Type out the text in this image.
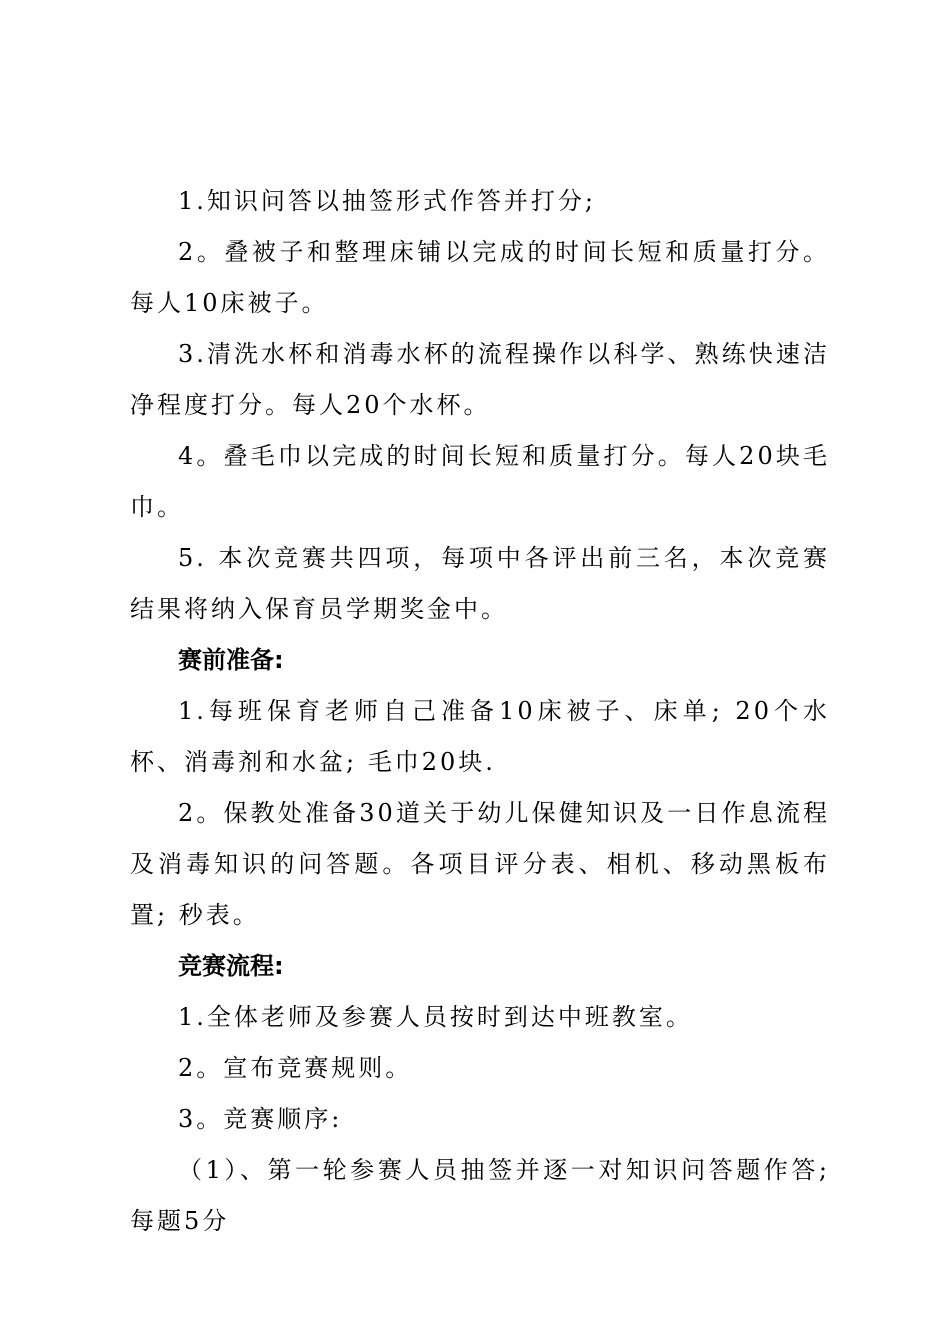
1.知识问答以抽签形式作答并打分;

2。叠被子和整理床铺以完成的时间长短和质量打分。每人10床被子。

3.清洗水杯和消毒水杯的流程操作以科学、熟练快速洁净程度打分。每人20个水杯。

4。叠毛巾以完成的时间长短和质量打分。每人20块毛巾。

5. 本次竞赛共四项，每项中各评出前三名，本次竞赛结果将纳入保育员学期奖金中。

赛前准备:

1.每班保育老师自己准备10床被子、床单; 20个水杯、消毒剂和水盆; 毛巾20块.

2。保教处准备30道关于幼儿保健知识及一日作息流程及消毒知识的问答题。各项目评分表、相机、移动黑板布置; 秒表。

竞赛流程:

1.全体老师及参赛人员按时到达中班教室。

2。宣布竞赛规则。

3。竞赛顺序:

（1）、第一轮参赛人员抽签并逐一对知识问答题作答; 每题5分
